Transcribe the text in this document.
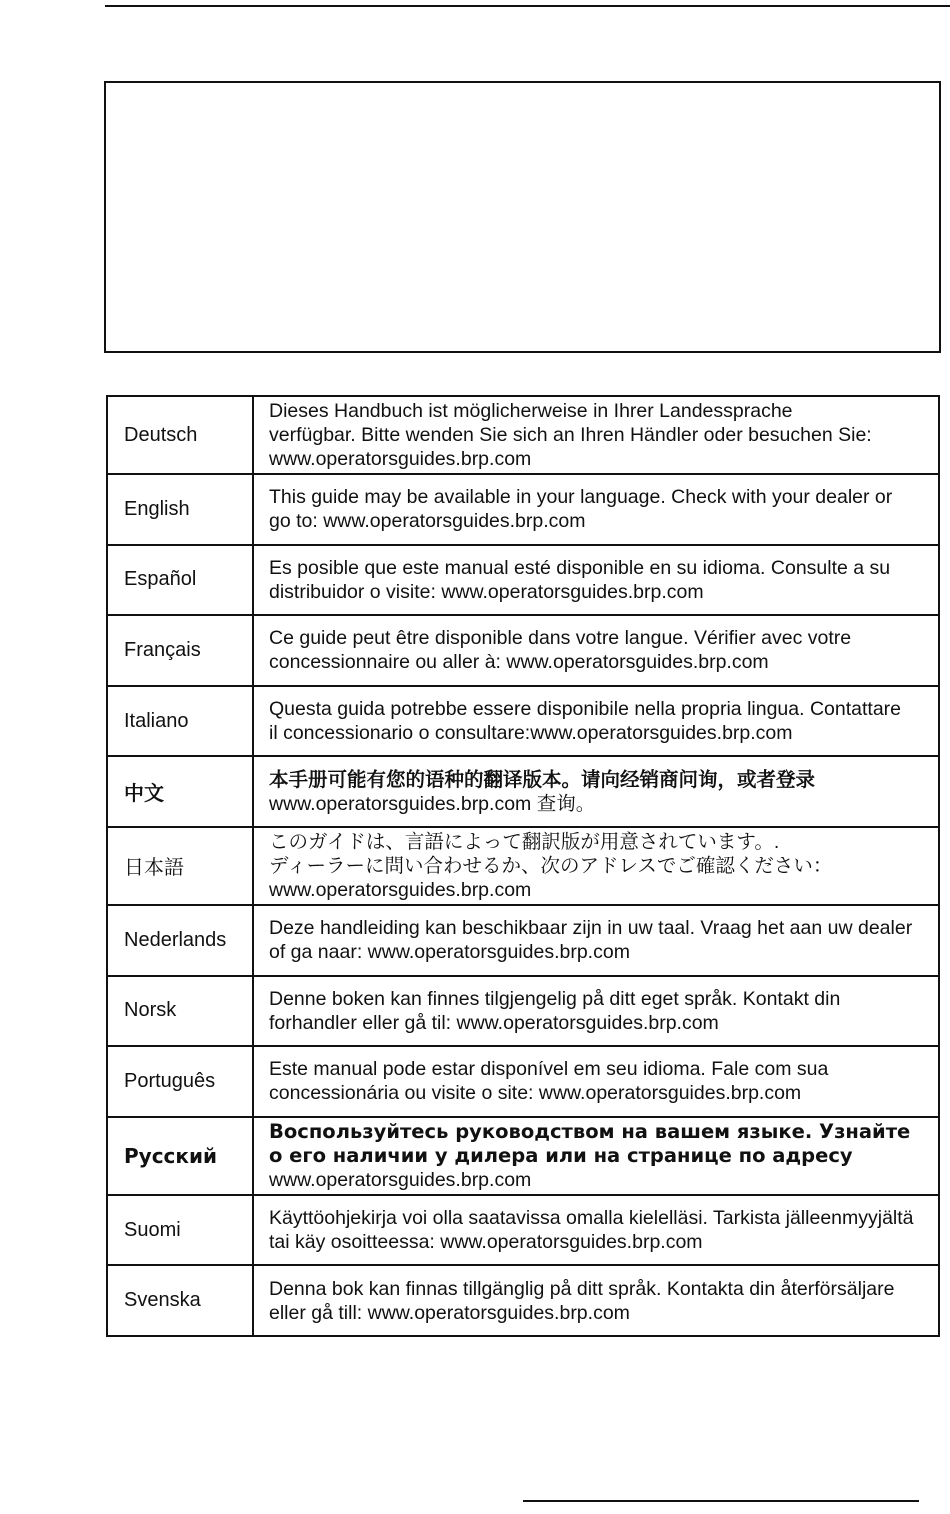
Deutsch	Dieses Handbuch ist möglicherweise in Ihrer Landessprache
verfügbar. Bitte wenden Sie sich an Ihren Händler oder besuchen Sie:
www.operatorsguides.brp.com

English	This guide may be available in your language. Check with your dealer or
go to: www.operatorsguides.brp.com

Español	Es posible que este manual esté disponible en su idioma. Consulte a su
distribuidor o visite: www.operatorsguides.brp.com

Français	Ce guide peut être disponible dans votre langue. Vérifier avec votre
concessionnaire ou aller à: www.operatorsguides.brp.com

Italiano	Questa guida potrebbe essere disponibile nella propria lingua. Contattare
il concessionario o consultare:www.operatorsguides.brp.com

中文	本手册可能有您的语种的翻译版本。请向经销商问询，或者登录
www.operatorsguides.brp.com 查询。

日本語	このガイドは、言語によって翻訳版が用意されています。.
ディーラーに問い合わせるか、次のアドレスでご確認ください：
www.operatorsguides.brp.com

Nederlands	Deze handleiding kan beschikbaar zijn in uw taal. Vraag het aan uw dealer
of ga naar: www.operatorsguides.brp.com

Norsk	Denne boken kan finnes tilgjengelig på ditt eget språk. Kontakt din
forhandler eller gå til: www.operatorsguides.brp.com

Português	Este manual pode estar disponível em seu idioma. Fale com sua
concessionária ou visite o site: www.operatorsguides.brp.com

Русский	Воспользуйтесь руководством на вашем языке. Узнайте
о его наличии у дилера или на странице по адресу
www.operatorsguides.brp.com

Suomi	Käyttöohjekirja voi olla saatavissa omalla kielelläsi. Tarkista jälleenmyyjältä
tai käy osoitteessa: www.operatorsguides.brp.com

Svenska	Denna bok kan finnas tillgänglig på ditt språk. Kontakta din återförsäljare
eller gå till: www.operatorsguides.brp.com
